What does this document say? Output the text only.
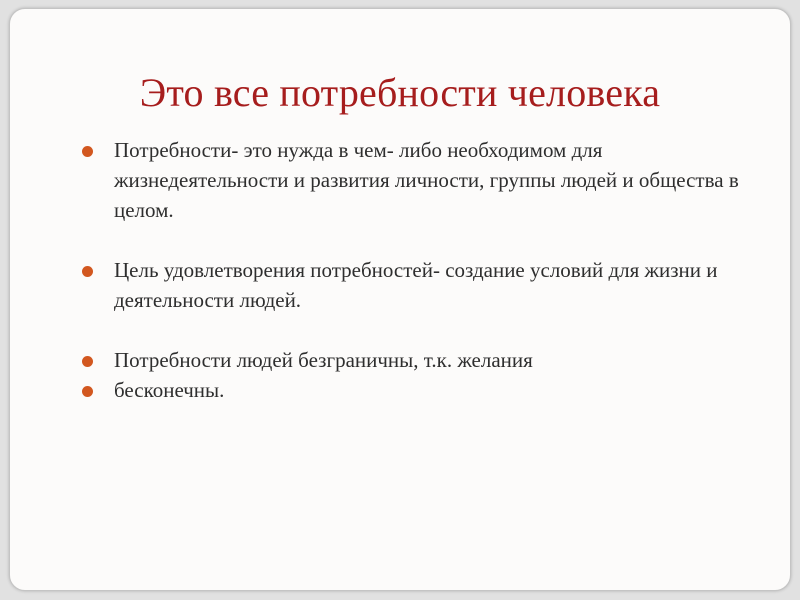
Это все потребности человека
Потребности- это нужда в чем- либо необходимом для жизнедеятельности и развития личности, группы людей и общества в целом.
Цель удовлетворения потребностей- создание условий для жизни и деятельности людей.
Потребности людей безграничны, т.к. желания
бесконечны.
